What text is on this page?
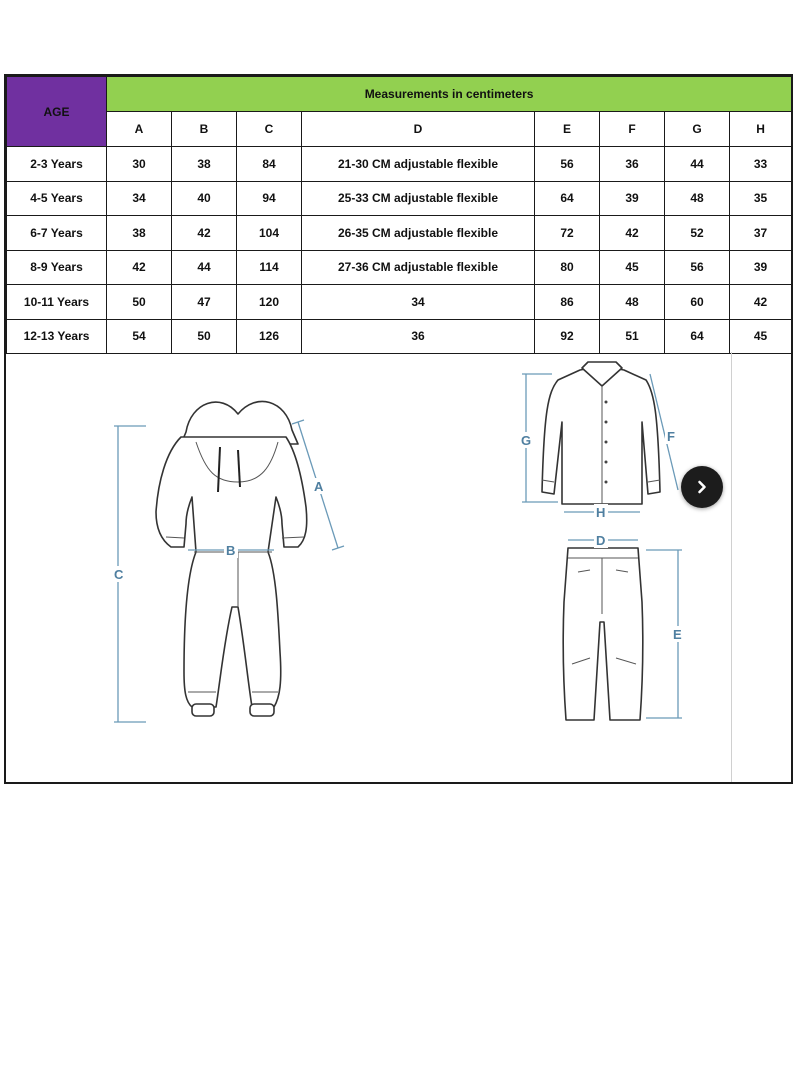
AGE	Measurements in centimeters							
	A	B	C	D	E	F	G	H
2-3 Years	30	38	84	21-30 CM adjustable flexible	56	36	44	33
4-5 Years	34	40	94	25-33 CM adjustable flexible	64	39	48	35
6-7 Years	38	42	104	26-35 CM adjustable flexible	72	42	52	37
8-9 Years	42	44	114	27-36 CM adjustable flexible	80	45	56	39
10-11 Years	50	47	120	34	86	48	60	42
12-13 Years	54	50	126	36	92	51	64	45
C
A
B
G	F
H
D
E
